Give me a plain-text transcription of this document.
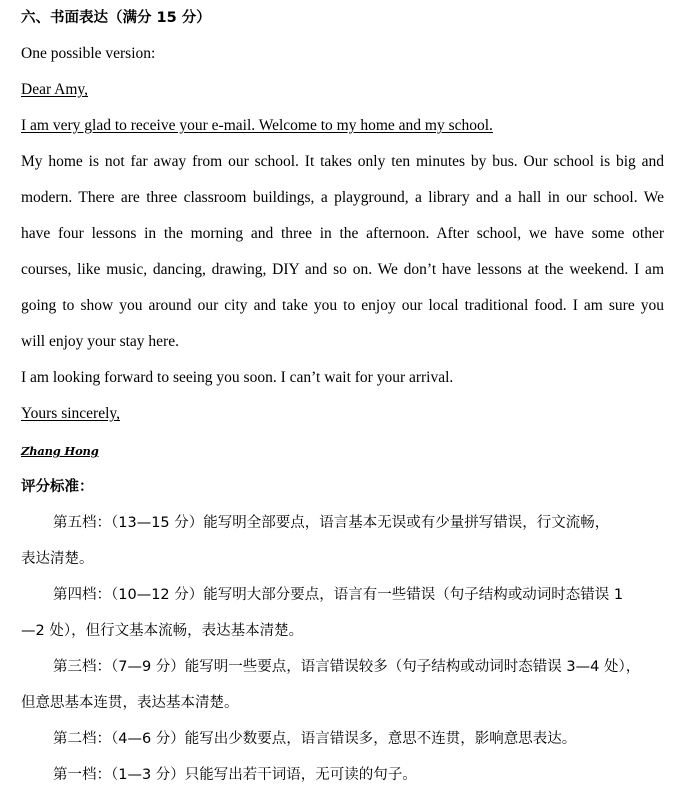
六、书面表达（满分 15 分）
One possible version:
Dear Amy,
I am very glad to receive your e-mail. Welcome to my home and my school.
My home is not far away from our school. It takes only ten minutes by bus. Our school is big and
modern. There are three classroom buildings, a playground, a library and a hall in our school. We
have four lessons in the morning and three in the afternoon. After school, we have some other
courses, like music, dancing, drawing, DIY and so on. We don’t have lessons at the weekend. I am
going to show you around our city and take you to enjoy our local traditional food. I am sure you
will enjoy your stay here.
I am looking forward to seeing you soon. I can’t wait for your arrival.
Yours sincerely,
Zhang Hong
评分标准：
第五档：（13—15 分）能写明全部要点，语言基本无误或有少量拼写错误，行文流畅，
表达清楚。
第四档：（10—12 分）能写明大部分要点，语言有一些错误（句子结构或动词时态错误 1
—2 处），但行文基本流畅，表达基本清楚。
第三档：（7—9 分）能写明一些要点，语言错误较多（句子结构或动词时态错误 3—4 处），
但意思基本连贯，表达基本清楚。
第二档：（4—6 分）能写出少数要点，语言错误多，意思不连贯，影响意思表达。
第一档：（1—3 分）只能写出若干词语，无可读的句子。
